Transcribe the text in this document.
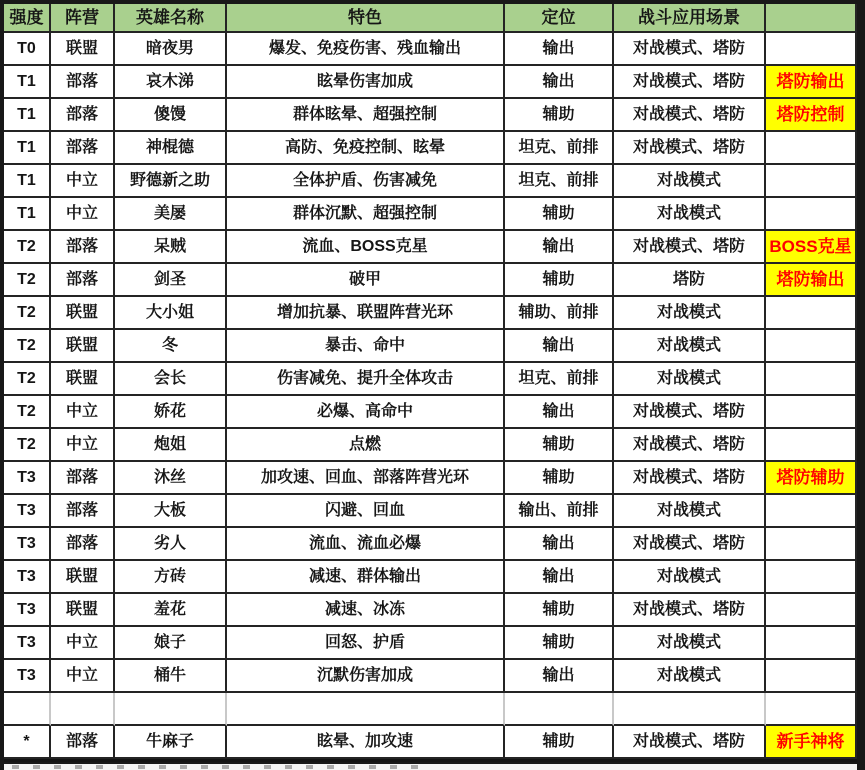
强度	阵营	英雄名称	特色	定位	战斗应用场景
T0	联盟	暗夜男	爆发、免疫伤害、残血输出	输出	对战模式、塔防
T1	部落	哀木涕	眩晕伤害加成	输出	对战模式、塔防	塔防输出
T1	部落	傻馒	群体眩晕、超强控制	辅助	对战模式、塔防	塔防控制
T1	部落	神棍德	高防、免疫控制、眩晕	坦克、前排	对战模式、塔防
T1	中立	野德新之助	全体护盾、伤害减免	坦克、前排	对战模式
T1	中立	美屡	群体沉默、超强控制	辅助	对战模式
T2	部落	呆贼	流血、BOSS克星	输出	对战模式、塔防	BOSS克星
T2	部落	剑圣	破甲	辅助	塔防	塔防输出
T2	联盟	大小姐	增加抗暴、联盟阵营光环	辅助、前排	对战模式
T2	联盟	冬	暴击、命中	输出	对战模式
T2	联盟	会长	伤害减免、提升全体攻击	坦克、前排	对战模式
T2	中立	娇花	必爆、高命中	输出	对战模式、塔防
T2	中立	炮姐	点燃	辅助	对战模式、塔防
T3	部落	沐丝	加攻速、回血、部落阵营光环	辅助	对战模式、塔防	塔防辅助
T3	部落	大板	闪避、回血	输出、前排	对战模式
T3	部落	劣人	流血、流血必爆	输出	对战模式、塔防
T3	联盟	方砖	减速、群体输出	输出	对战模式
T3	联盟	羞花	减速、冰冻	辅助	对战模式、塔防
T3	中立	娘子	回怒、护盾	辅助	对战模式
T3	中立	桶牛	沉默伤害加成	输出	对战模式
*	部落	牛麻子	眩晕、加攻速	辅助	对战模式、塔防	新手神将
